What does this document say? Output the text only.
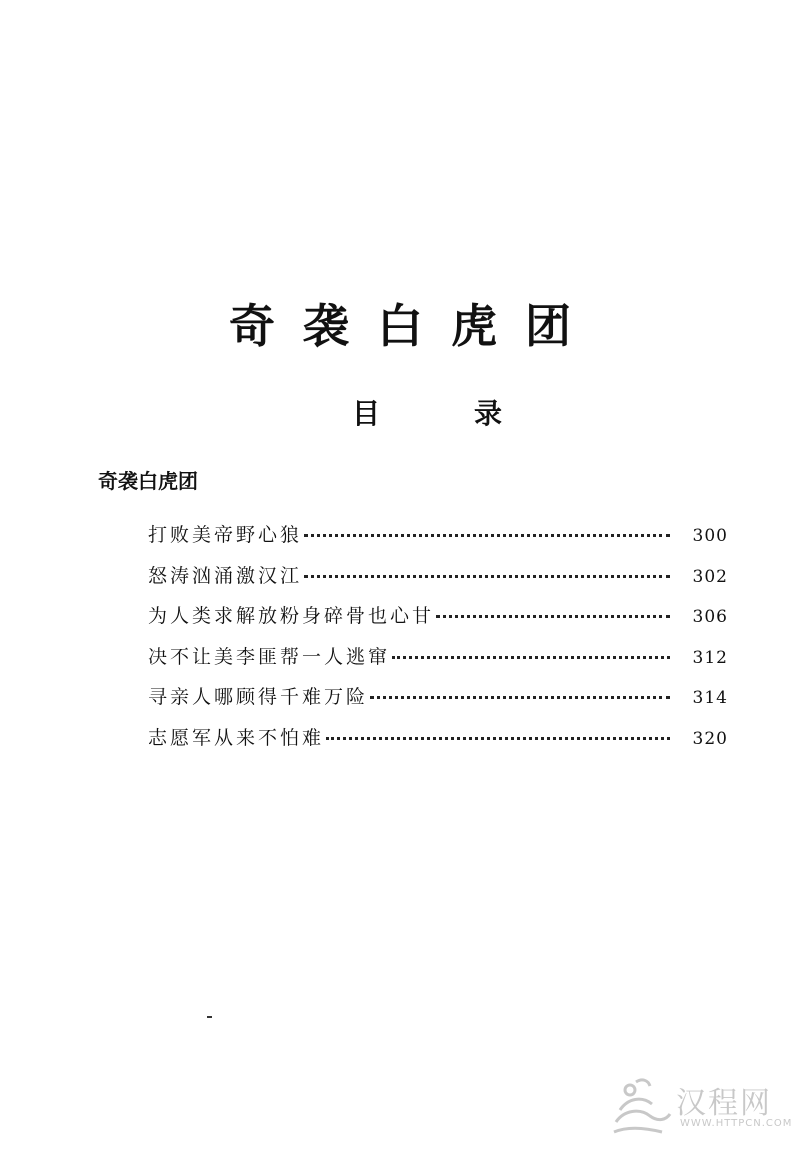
奇袭白虎团
目	录
奇袭白虎团
打败美帝野心狼	300
怒涛汹涌激汉江	302
为人类求解放粉身碎骨也心甘	306
决不让美李匪帮一人逃窜	312
寻亲人哪顾得千难万险	314
志愿军从来不怕难	320
汉程网
WWW.HTTPCN.COM
